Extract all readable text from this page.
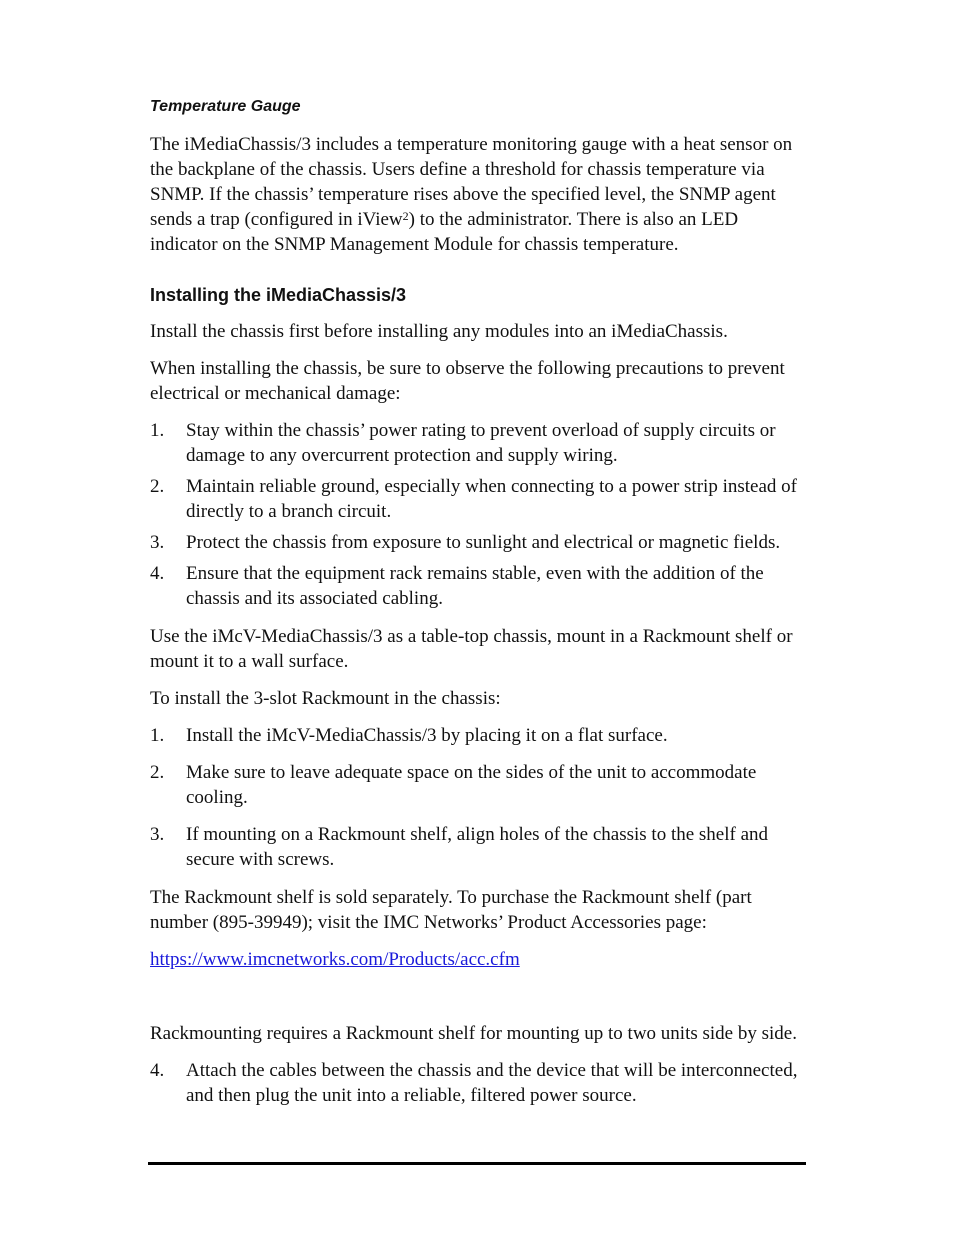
Temperature Gauge

The iMediaChassis/3 includes a temperature monitoring gauge with a heat sensor on the backplane of the chassis. Users define a threshold for chassis temperature via SNMP. If the chassis’ temperature rises above the specified level, the SNMP agent sends a trap (configured in iView$^2$) to the administrator. There is also an LED indicator on the SNMP Management Module for chassis temperature.

Installing the iMediaChassis/3

Install the chassis first before installing any modules into an iMediaChassis.

When installing the chassis, be sure to observe the following precautions to prevent electrical or mechanical damage:

1. Stay within the chassis’ power rating to prevent overload of supply circuits or damage to any overcurrent protection and supply wiring.
2. Maintain reliable ground, especially when connecting to a power strip instead of directly to a branch circuit.
3. Protect the chassis from exposure to sunlight and electrical or magnetic fields.
4. Ensure that the equipment rack remains stable, even with the addition of the chassis and its associated cabling.

Use the iMcV-MediaChassis/3 as a table-top chassis, mount in a Rackmount shelf or mount it to a wall surface.

To install the 3-slot Rackmount in the chassis:

1. Install the iMcV-MediaChassis/3 by placing it on a flat surface.
2. Make sure to leave adequate space on the sides of the unit to accommodate cooling.
3. If mounting on a Rackmount shelf, align holes of the chassis to the shelf and secure with screws.

The Rackmount shelf is sold separately. To purchase the Rackmount shelf (part number (895-39949); visit the IMC Networks’ Product Accessories page:

https://www.imcnetworks.com/Products/acc.cfm

Rackmounting requires a Rackmount shelf for mounting up to two units side by side.

4. Attach the cables between the chassis and the device that will be interconnected, and then plug the unit into a reliable, filtered power source.
